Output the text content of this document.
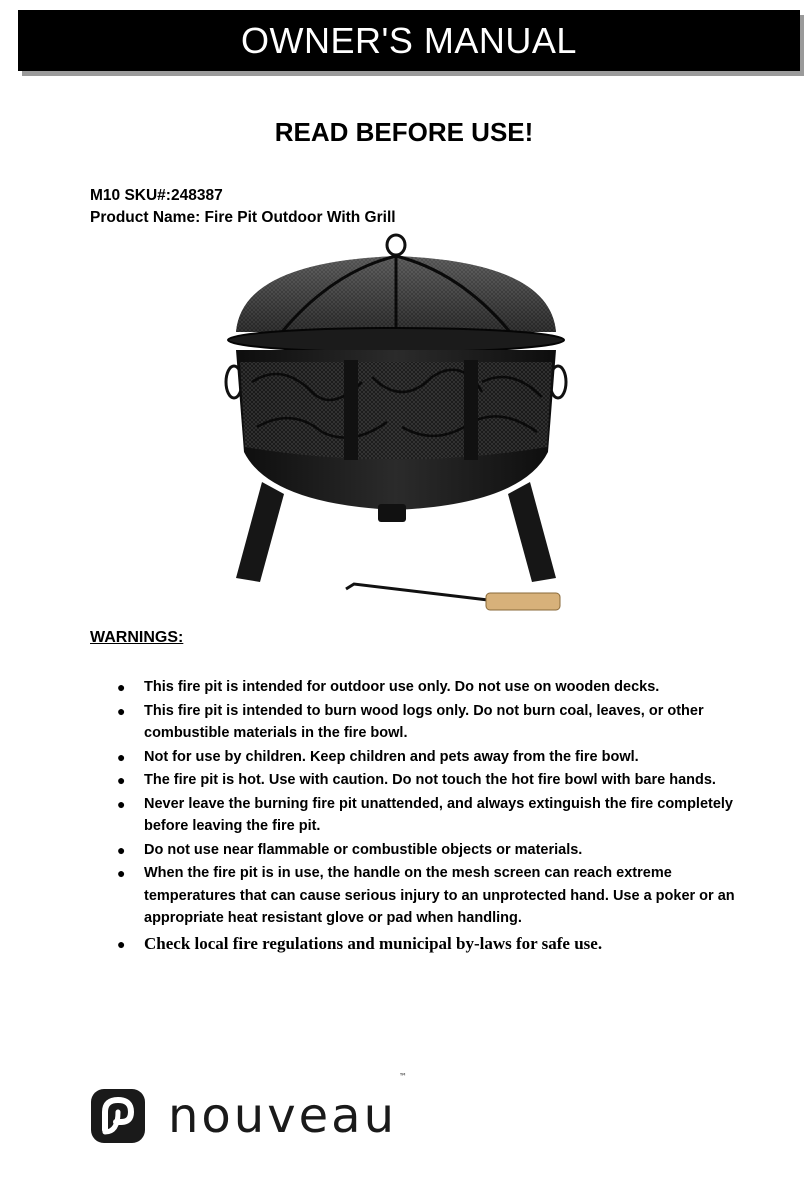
OWNER'S MANUAL
READ BEFORE USE!
M10 SKU#:248387
Product Name: Fire Pit Outdoor With Grill
WARNINGS:
● This fire pit is intended for outdoor use only. Do not use on wooden decks.
● This fire pit is intended to burn wood logs only. Do not burn coal, leaves, or other combustible materials in the fire bowl.
● Not for use by children. Keep children and pets away from the fire bowl.
● The fire pit is hot. Use with caution. Do not touch the hot fire bowl with bare hands.
● Never leave the burning fire pit unattended, and always extinguish the fire completely before leaving the fire pit.
● Do not use near flammable or combustible objects or materials.
● When the fire pit is in use, the handle on the mesh screen can reach extreme temperatures that can cause serious injury to an unprotected hand. Use a poker or an appropriate heat resistant glove or pad when handling.
● Check local fire regulations and municipal by-laws for safe use.
nouveau™
